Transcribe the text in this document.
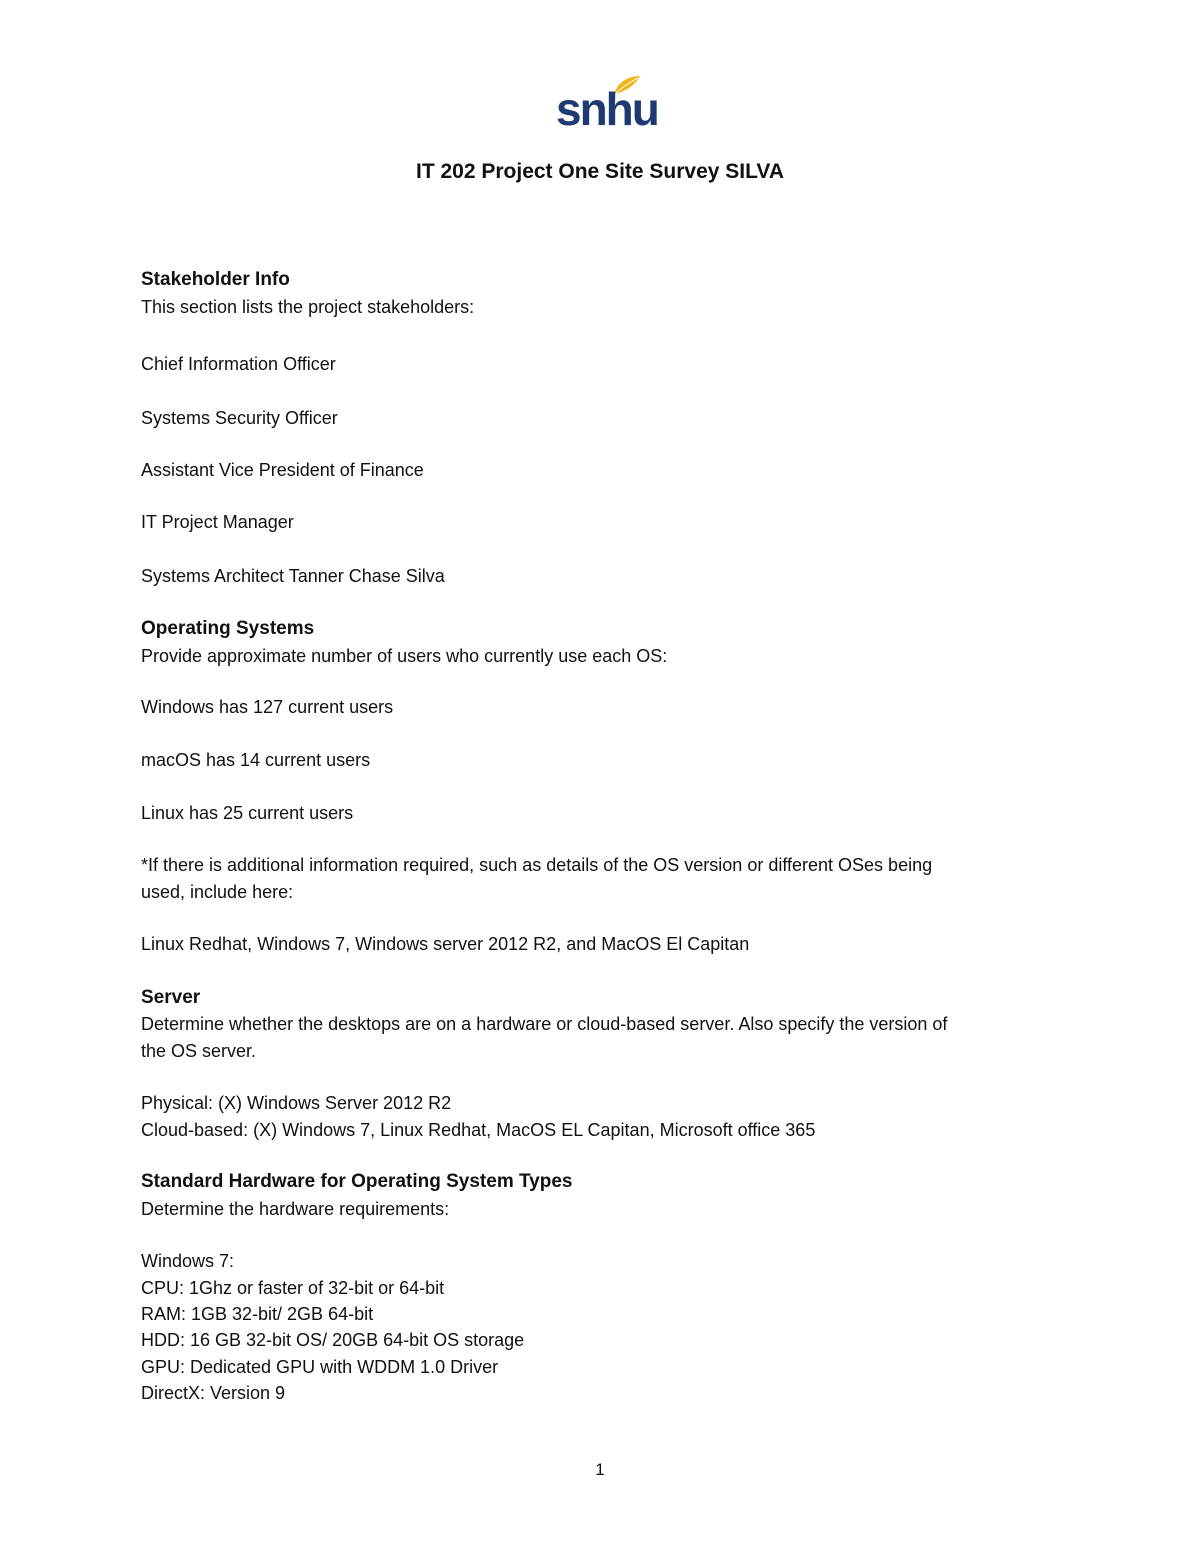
snhu
IT 202 Project One Site Survey SILVA
Stakeholder Info
This section lists the project stakeholders:
Chief Information Officer
Systems Security Officer
Assistant Vice President of Finance
IT Project Manager
Systems Architect Tanner Chase Silva
Operating Systems
Provide approximate number of users who currently use each OS:
Windows has 127 current users
macOS has 14 current users
Linux has 25 current users
*If there is additional information required, such as details of the OS version or different OSes being
used, include here:
Linux Redhat, Windows 7, Windows server 2012 R2, and MacOS El Capitan
Server
Determine whether the desktops are on a hardware or cloud-based server. Also specify the version of
the OS server.
Physical: (X) Windows Server 2012 R2
Cloud-based: (X) Windows 7, Linux Redhat, MacOS EL Capitan, Microsoft office 365
Standard Hardware for Operating System Types
Determine the hardware requirements:
Windows 7:
CPU: 1Ghz or faster of 32-bit or 64-bit
RAM: 1GB 32-bit/ 2GB 64-bit
HDD: 16 GB 32-bit OS/ 20GB 64-bit OS storage
GPU: Dedicated GPU with WDDM 1.0 Driver
DirectX: Version 9
1
